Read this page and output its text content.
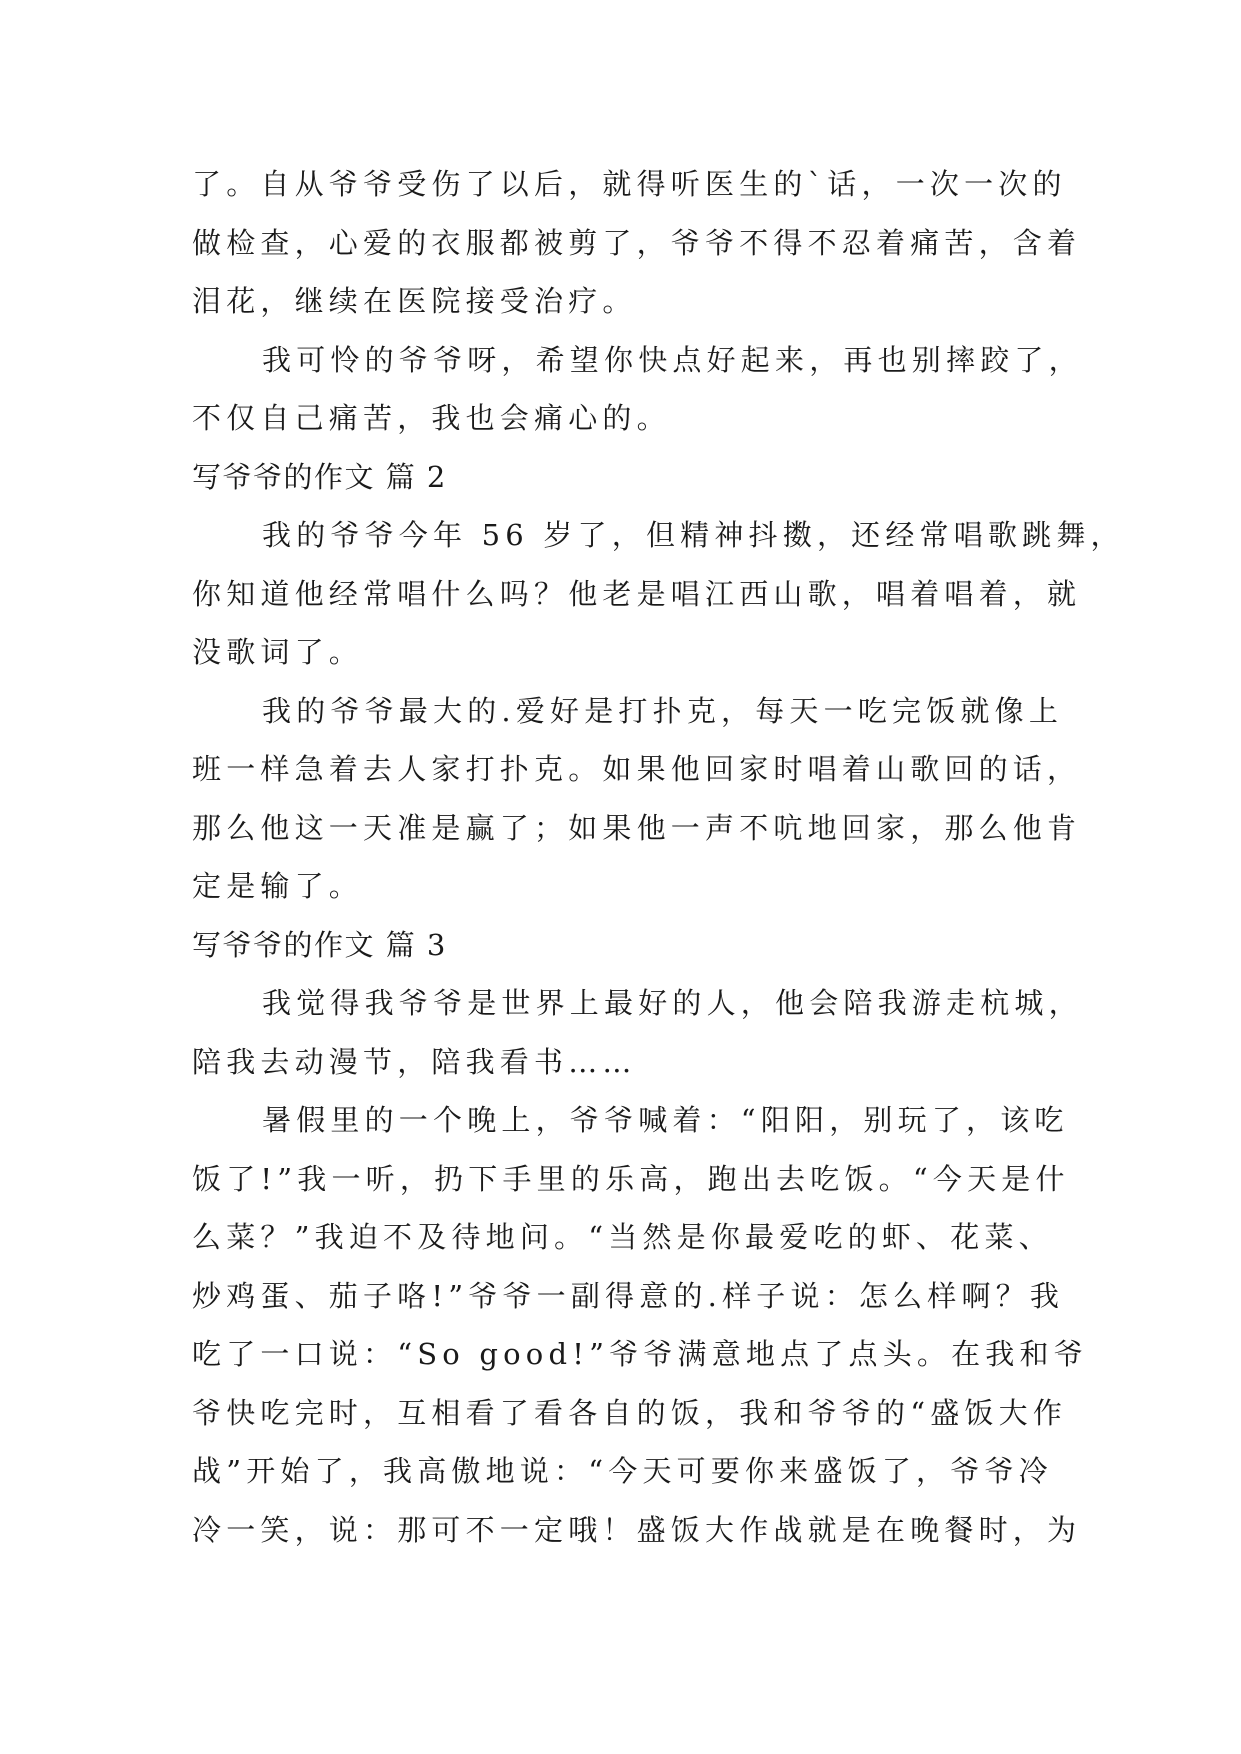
了。自从爷爷受伤了以后，就得听医生的`话，一次一次的
做检查，心爱的衣服都被剪了，爷爷不得不忍着痛苦，含着
泪花，继续在医院接受治疗。
我可怜的爷爷呀，希望你快点好起来，再也别摔跤了，
不仅自己痛苦，我也会痛心的。
写爷爷的作文 篇 2
我的爷爷今年 56 岁了，但精神抖擞，还经常唱歌跳舞，
你知道他经常唱什么吗？他老是唱江西山歌，唱着唱着，就
没歌词了。
我的爷爷最大的.爱好是打扑克，每天一吃完饭就像上
班一样急着去人家打扑克。如果他回家时唱着山歌回的话，
那么他这一天准是赢了；如果他一声不吭地回家，那么他肯
定是输了。
写爷爷的作文 篇 3
我觉得我爷爷是世界上最好的人，他会陪我游走杭城，
陪我去动漫节，陪我看书……
暑假里的一个晚上，爷爷喊着：“阳阳，别玩了，该吃
饭了!”我一听，扔下手里的乐高，跑出去吃饭。“今天是什
么菜？”我迫不及待地问。“当然是你最爱吃的虾、花菜、
炒鸡蛋、茄子咯!”爷爷一副得意的.样子说：怎么样啊？我
吃了一口说：“So good!”爷爷满意地点了点头。在我和爷
爷快吃完时，互相看了看各自的饭，我和爷爷的“盛饭大作
战”开始了，我高傲地说：“今天可要你来盛饭了，爷爷冷
冷一笑，说：那可不一定哦！盛饭大作战就是在晚餐时，为
